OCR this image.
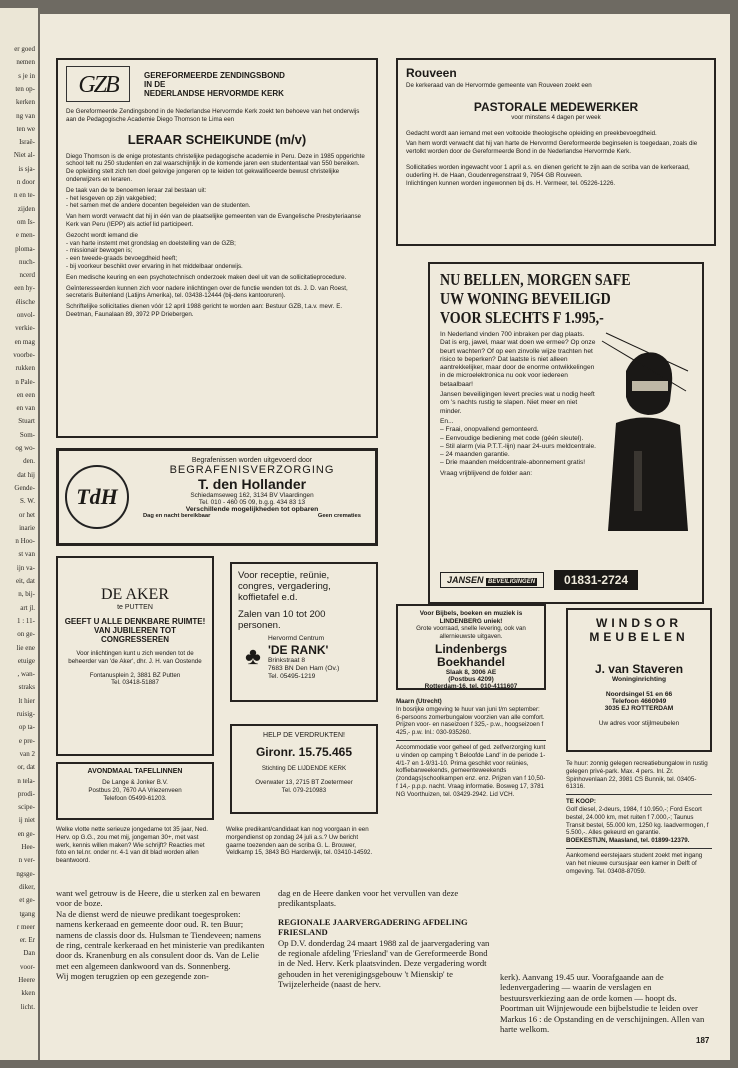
er goed
nemen
s je in
ten op-
kerken
ng van
ten we
Israë-
Niet al-
is sja-
n door
n en te-
zijden
om Is-
e men-
ploma-
nuch-
ncerd
een hy-
élische
onvol-
verkie-
en mag
voorbe-
rukken
n Pale-
en een
en van
Stuart
Som-
og wo-
den.
dat hij
Gende-
S. W.
or het
inarie
n Hoo-
st van
ijn va-
eit, dat
n, bij-
art jl.
1 : 11-
on ge-
lie ene
etuige
, wan-
straks
lt hier
ruisig-
op ta-
e pre-
van 2
or, dat
n tela-
prodi-
scipe-
ij niet
en ge-
Hee-
n ver-
ngsge-
diker,
et ge-
tgang
r meer
er. Er
Dan
voor-
Heere
kken
licht.
GZB	GEREFORMEERDE ZENDINGSBOND
IN DE
NEDERLANDSE HERVORMDE KERK

De Gereformeerde Zendingsbond in de Nederlandse Hervormde Kerk zoekt ten behoeve van het onderwijs aan de Pedagogische Academie Diego Thomson te Lima een

LERAAR SCHEIKUNDE (m/v)

Diego Thomson is de enige protestants christelijke pedagogische academie in Peru. Deze in 1985 opgerichte school telt nu 250 studenten en zal waarschijnlijk in de komende jaren een studententaal van 550 bereiken.

De opleiding stelt zich ten doel gelovige jongeren op te leiden tot gekwalificeerde bewust christelijke onderwijzers en leraren.

De taak van de te benoemen leraar zal bestaan uit:

- het lesgeven op zijn vakgebied;

- het samen met de andere docenten begeleiden van de studenten.

Van hem wordt verwacht dat hij in één van de plaatselijke gemeenten van de Evangelische Presbyteriaanse Kerk van Peru (IEPP) als actief lid participeert.

Gezocht wordt iemand die

- van harte instemt met grondslag en doelstelling van de GZB;

- missionair bewogen is;

- een tweede-graads bevoegdheid heeft;

- bij voorkeur beschikt over ervaring in het middelbaar onderwijs.

Een medische keuring en een psychotechnisch onderzoek maken deel uit van de sollicitatieprocedure.

Geïnteresseerden kunnen zich voor nadere inlichtingen over de functie wenden tot ds. J. D. van Roest, secretaris Buitenland (Latijns Amerika), tel. 03438-12444 (bij-dens kantooruren).

Schriftelijke sollicitaties dienen vóór 12 april 1988 gericht te worden aan: Bestuur GZB, t.a.v. mevr. E. Deetman, Faunalaan 89, 3972 PP Driebergen.

Rouveen

De kerkeraad van de Hervormde gemeente van Rouveen zoekt een

PASTORALE MEDEWERKER
voor minstens 4 dagen per week

Gedacht wordt aan iemand met een voltooide theologische opleiding en preekbevoegdheid.

Van hem wordt verwacht dat hij van harte de Hervormd Gereformeerde beginselen is toegedaan, zoals die vertolkt worden door de Gereformeerde Bond in de Nederlandse Hervormde Kerk.

Sollicitaties worden ingewacht voor 1 april a.s. en dienen gericht te zijn aan de scriba van de kerkeraad, ouderling H. de Haan, Goudenregenstraat 9, 7954 GB Rouveen.

Inlichtingen kunnen worden ingewonnen bij ds. H. Vermeer, tel. 05226-1226.

NU BELLEN, MORGEN SAFE
UW WONING BEVEILIGD
VOOR SLECHTS F 1.995,-

In Nederland vinden 700 inbraken per dag plaats. Dat is erg, jawel, maar wat doen we ermee? Op onze beurt wachten? Of op een zinvolle wijze trachten het risico te beperken? Dat laatste is niet alleen aantrekkelijker, maar door de enorme ontwikkelingen in de microelektronica nu ook voor iedereen betaalbaar!

Jansen beveiligingen levert precies wat u nodig heeft om 's nachts rustig te slapen. Niet meer en niet minder.

En...

– Fraai, onopvallend gemonteerd.

– Eenvoudige bediening met code (géén sleutel).

– Stil alarm (via P.T.T.-lijn) naar 24-uurs meldcentrale.

– 24 maanden garantie.

– Drie maanden meldcentrale-abonnement gratis!

Vraag vrijblijvend de folder aan:

JANSEN BEVEILIGINGEN	01831-2724
TdH
Begrafenissen worden uitgevoerd door
BEGRAFENISVERZORGING
T. den Hollander
Schiedamseweg 162, 3134 BV Vlaardingen
Tel. 010 - 460 05 09, b.g.g. 434 83 13
Verschillende mogelijkheden tot opbaren
Dag en nacht bereikbaar	Geen crematies
DE AKER
te PUTTEN
GEEFT U ALLE DENKBARE RUIMTE! VAN JUBILEREN TOT CONGRESSEREN
Voor inlichtingen kunt u zich wenden tot de beheerder van 'de Aker', dhr. J. H. van Oostende
Fontanusplein 2, 3881 BZ Putten
Tel. 03418-51887
Voor receptie, reünie,
congres, vergadering,
koffietafel e.d.
Zalen van 10 tot 200
personen.
♣
Hervormd Centrum
'DE RANK'
Brinkstraat 8
7683 BN Den Ham (Ov.)
Tel. 05495-1219
AVONDMAAL TAFELLINNEN
De Lange & Jonker B.V.
Postbus 20, 7670 AA Vriezenveen
Telefoon 05499-61203.
HELP DE VERDRUKTEN!
Gironr. 15.75.465
Stichting DE LIJDENDE KERK
Overwater 13, 2715 BT Zoetermeer
Tel. 079-210983

Welke vlotte nette serieuze jongedame tot 35 jaar, Ned. Herv. op G.G., zou met mij, jongeman 30+, met vast werk, kennis willen maken? Wie schrijft? Reacties met foto en tel.nr. onder nr. 4-1 van dit blad worden allen beantwoord.

Welke predikant/candidaat kan nog voorgaan in een morgendienst op zondag 24 juli a.s.? Uw bericht gaarne toezenden aan de scriba G. L. Brouwer, Veldkamp 15, 3843 BG Harderwijk, tel. 03410-14592.

Voor Bijbels, boeken en muziek is LINDENBERG uniek!
Grote voorraad, snelle levering, ook van allernieuwste uitgaven.
Lindenbergs
Boekhandel
Slaak 8, 3006 AE
(Postbus 4209)
Rotterdam-16, tel. 010-4111607

Maarn (Utrecht)

In bosrijke omgeving te huur van juni t/m september: 6-persoons zomerbungalow voorzien van alle comfort. Prijzen voor- en naseizoen f 325,- p.w., hoogseizoen f 425,- p.w. Inl.: 030-935260.

Accommodatie voor geheel of ged. zelfverzorging kunt u vinden op camping 't Beloofde Land' in de periode 1-4/1-7 en 1-9/31-10. Prima geschikt voor reünies, koffiebarweekends, gemeenteweekends (zondags)schoolkampen enz. enz. Prijzen van f 10,50-f 14,- p.p.p. nacht. Vraag informatie. Bosweg 17, 3781 NG Voorthuizen, tel. 03429-2942. Lid VCH.

WINDSOR
MEUBELEN
J. van Staveren
Woninginrichting
Noordsingel 51 en 66
Telefoon 4660949
3035 EJ ROTTERDAM
Uw adres voor stijlmeubelen

Te huur: zonnig gelegen recreatiebungalow in rustig gelegen privé-park. Max. 4 pers. Inl. Zr. Spinhovenlaan 22, 3981 CS Bunnik, tel. 03405-61316.

TE KOOP:

Golf diesel, 2-deurs, 1984, f 10.950,-; Ford Escort bestel, 24.000 km, met ruiten f 7.000,-; Taunus Transit bestel, 55.000 km, 1250 kg. laadvermogen, f 5.500,-. Alles gekeurd en garantie.

BOEKESTIJN, Maasland, tel. 01899-12379.

Aankomend eerstejaars student zoekt met ingang van het nieuwe cursusjaar een kamer in Delft of omgeving. Tel. 03408-87059.

want wel getrouw is de Heere, die u sterken zal en bewaren voor de boze.

Na de dienst werd de nieuwe predikant toegesproken: namens kerkeraad en gemeente door oud. R. ten Buur; namens de classis door ds. Hulsman te Tiendeveen; namens de ring, centrale kerkeraad en het ministerie van predikanten door ds. Kranenburg en als consulent door ds. Van de Lelie met een algemeen dankwoord van ds. Sonnenberg.

Wij mogen terugzien op een gezegende zon-

dag en de Heere danken voor het vervullen van deze predikantsplaats.

REGIONALE JAARVERGADERING AFDELING FRIESLAND

Op D.V. donderdag 24 maart 1988 zal de jaarvergadering van de regionale afdeling 'Friesland' van de Gereformeerde Bond in de Ned. Herv. Kerk plaatsvinden. Deze vergadering wordt gehouden in het verenigingsgebouw 't Mienskip' te Twijzelerheide (naast de herv.

kerk). Aanvang 19.45 uur. Voorafgaande aan de ledenvergadering — waarin de verslagen en bestuursverkiezing aan de orde komen — hoopt ds. Poortman uit Wijnjewoude een bijbelstudie te leiden over Markus 16 : de Opstanding en de verschijningen. Allen van harte welkom.

187
